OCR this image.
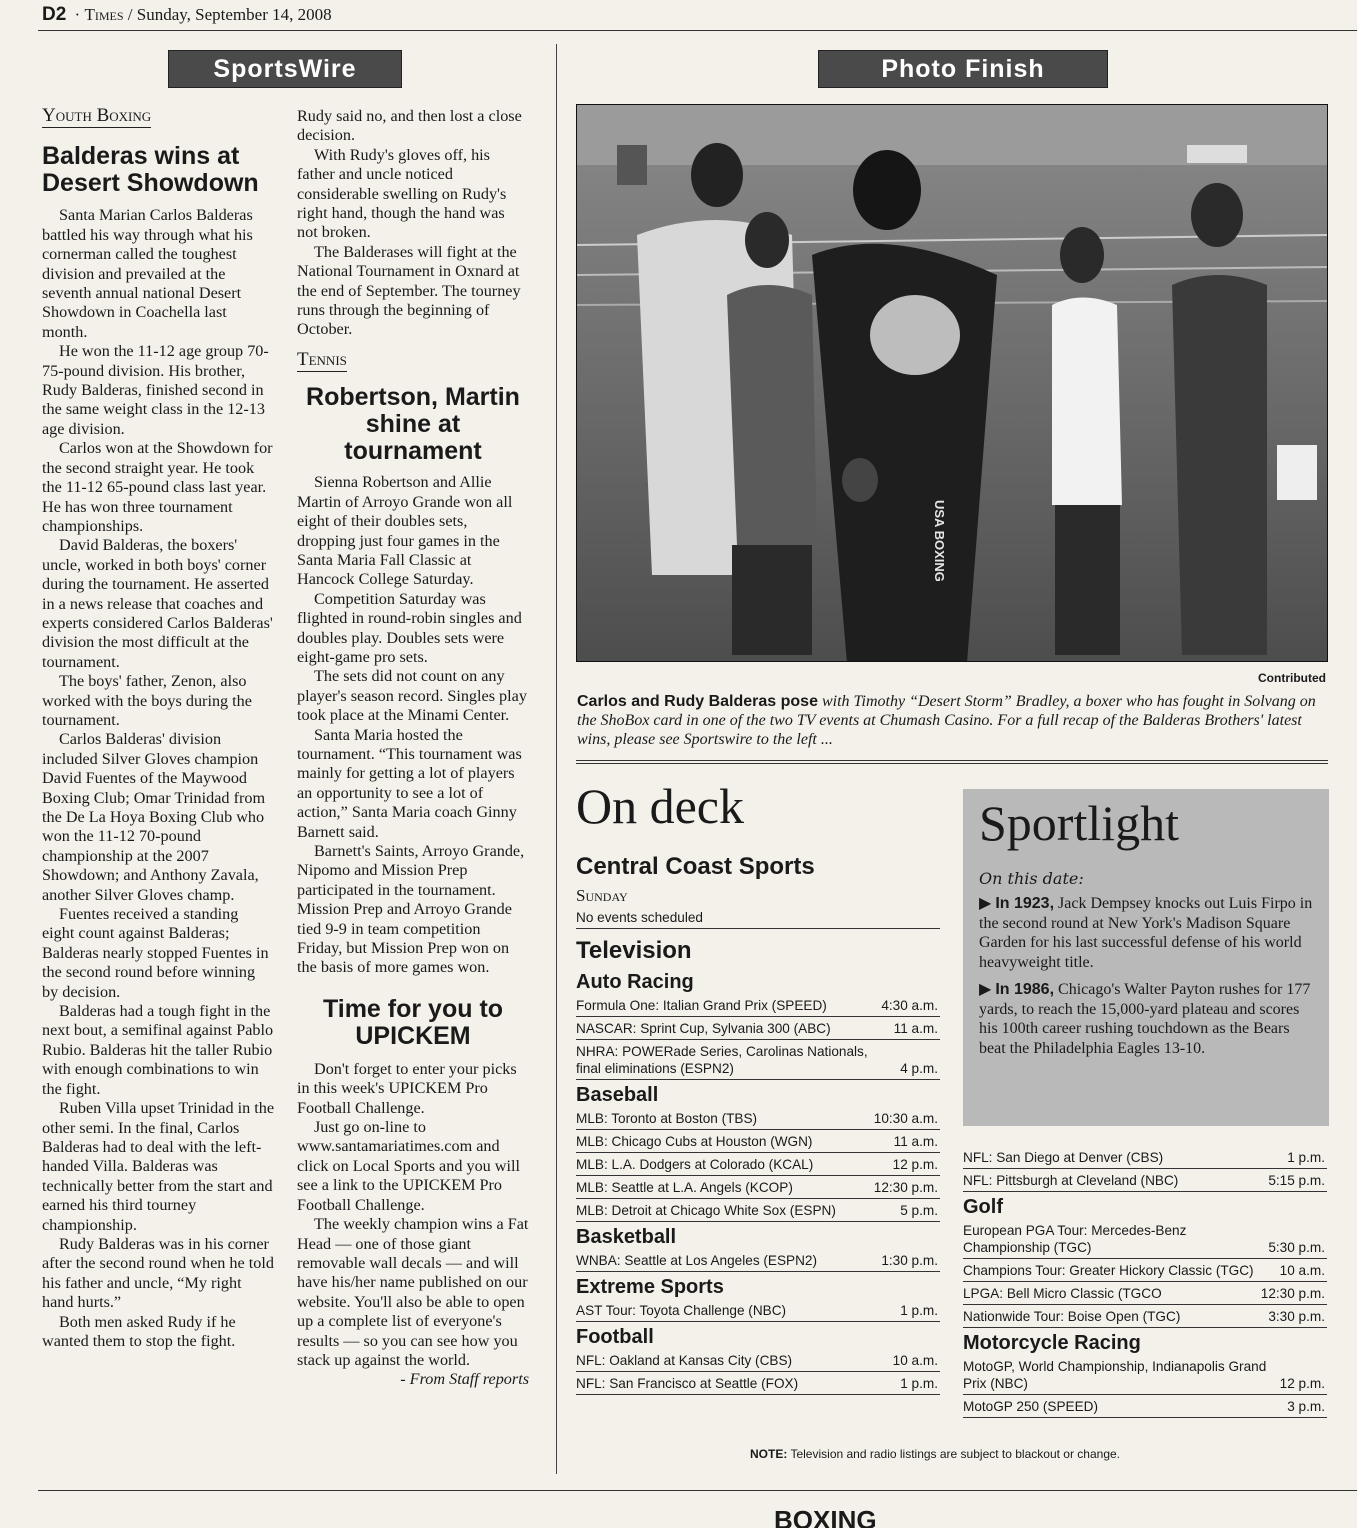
D2 · Times / Sunday, September 14, 2008
SportsWire	Photo Finish
Youth Boxing
Balderas wins at
Desert Showdown

Santa Marian Carlos Balderas battled his way through what his cornerman called the toughest division and prevailed at the seventh annual national Desert Showdown in Coachella last month.

He won the 11-12 age group 70-75-pound division. His brother, Rudy Balderas, finished second in the same weight class in the 12-13 age division.

Carlos won at the Showdown for the second straight year. He took the 11-12 65-pound class last year. He has won three tournament championships.

David Balderas, the boxers' uncle, worked in both boys' corner during the tournament. He asserted in a news release that coaches and experts considered Carlos Balderas' division the most difficult at the tournament.

The boys' father, Zenon, also worked with the boys during the tournament.

Carlos Balderas' division included Silver Gloves champion David Fuentes of the Maywood Boxing Club; Omar Trinidad from the De La Hoya Boxing Club who won the 11-12 70-pound championship at the 2007 Showdown; and Anthony Zavala, another Silver Gloves champ.

Fuentes received a standing eight count against Balderas; Balderas nearly stopped Fuentes in the second round before winning by decision.

Balderas had a tough fight in the next bout, a semifinal against Pablo Rubio. Balderas hit the taller Rubio with enough combinations to win the fight.

Ruben Villa upset Trinidad in the other semi. In the final, Carlos Balderas had to deal with the left-handed Villa. Balderas was technically better from the start and earned his third tourney championship.

Rudy Balderas was in his corner after the second round when he told his father and uncle, “My right hand hurts.”

Both men asked Rudy if he wanted them to stop the fight.

Rudy said no, and then lost a close decision.

With Rudy's gloves off, his father and uncle noticed considerable swelling on Rudy's right hand, though the hand was not broken.

The Balderases will fight at the National Tournament in Oxnard at the end of September. The tourney runs through the beginning of October.

Tennis
Robertson, Martin
shine at
tournament

Sienna Robertson and Allie Martin of Arroyo Grande won all eight of their doubles sets, dropping just four games in the Santa Maria Fall Classic at Hancock College Saturday.

Competition Saturday was flighted in round-robin singles and doubles play. Doubles sets were eight-game pro sets.

The sets did not count on any player's season record. Singles play took place at the Minami Center.

Santa Maria hosted the tournament. “This tournament was mainly for getting a lot of players an opportunity to see a lot of action,” Santa Maria coach Ginny Barnett said.

Barnett's Saints, Arroyo Grande, Nipomo and Mission Prep participated in the tournament. Mission Prep and Arroyo Grande tied 9-9 in team competition Friday, but Mission Prep won on the basis of more games won.

Time for you to
UPICKEM

Don't forget to enter your picks in this week's UPICKEM Pro Football Challenge.

Just go on-line to www.santamariatimes.com and click on Local Sports and you will see a link to the UPICKEM Pro Football Challenge.

The weekly champion wins a Fat Head — one of those giant removable wall decals — and will have his/her name published on our website. You'll also be able to open up a complete list of everyone's results — so you can see how you stack up against the world.

- From Staff reports
USA BOXING
Contributed
Carlos and Rudy Balderas pose with Timothy “Desert Storm” Bradley, a boxer who has fought in Solvang on the ShoBox card in one of the two TV events at Chumash Casino. For a full recap of the Balderas Brothers' latest wins, please see Sportswire to the left ...
On deck
Central Coast Sports
Sunday
No events scheduled
Television
Auto Racing
Formula One: Italian Grand Prix (SPEED)	4:30 a.m.
NASCAR: Sprint Cup, Sylvania 300 (ABC)	11 a.m.
NHRA: POWERade Series, Carolinas Nationals, final eliminations (ESPN2)	4 p.m.
Baseball
MLB: Toronto at Boston (TBS)	10:30 a.m.
MLB: Chicago Cubs at Houston (WGN)	11 a.m.
MLB: L.A. Dodgers at Colorado (KCAL)	12 p.m.
MLB: Seattle at L.A. Angels (KCOP)	12:30 p.m.
MLB: Detroit at Chicago White Sox (ESPN)	5 p.m.
Basketball
WNBA: Seattle at Los Angeles (ESPN2)	1:30 p.m.
Extreme Sports
AST Tour: Toyota Challenge (NBC)	1 p.m.
Football
NFL: Oakland at Kansas City (CBS)	10 a.m.
NFL: San Francisco at Seattle (FOX)	1 p.m.
Sportlight
On this date:

▶ In 1923, Jack Dempsey knocks out Luis Firpo in the second round at New York's Madison Square Garden for his last successful defense of his world heavyweight title.

▶ In 1986, Chicago's Walter Payton rushes for 177 yards, to reach the 15,000-yard plateau and scores his 100th career rushing touchdown as the Bears beat the Philadelphia Eagles 13-10.

NFL: San Diego at Denver (CBS)	1 p.m.
NFL: Pittsburgh at Cleveland (NBC)	5:15 p.m.
Golf
European PGA Tour: Mercedes-Benz Championship (TGC)	5:30 p.m.
Champions Tour: Greater Hickory Classic (TGC)	10 a.m.
LPGA: Bell Micro Classic (TGCO	12:30 p.m.
Nationwide Tour: Boise Open (TGC)	3:30 p.m.
Motorcycle Racing
MotoGP, World Championship, Indianapolis Grand Prix (NBC)	12 p.m.
MotoGP 250 (SPEED)	3 p.m.
NOTE: Television and radio listings are subject to blackout or change.
BOXING
